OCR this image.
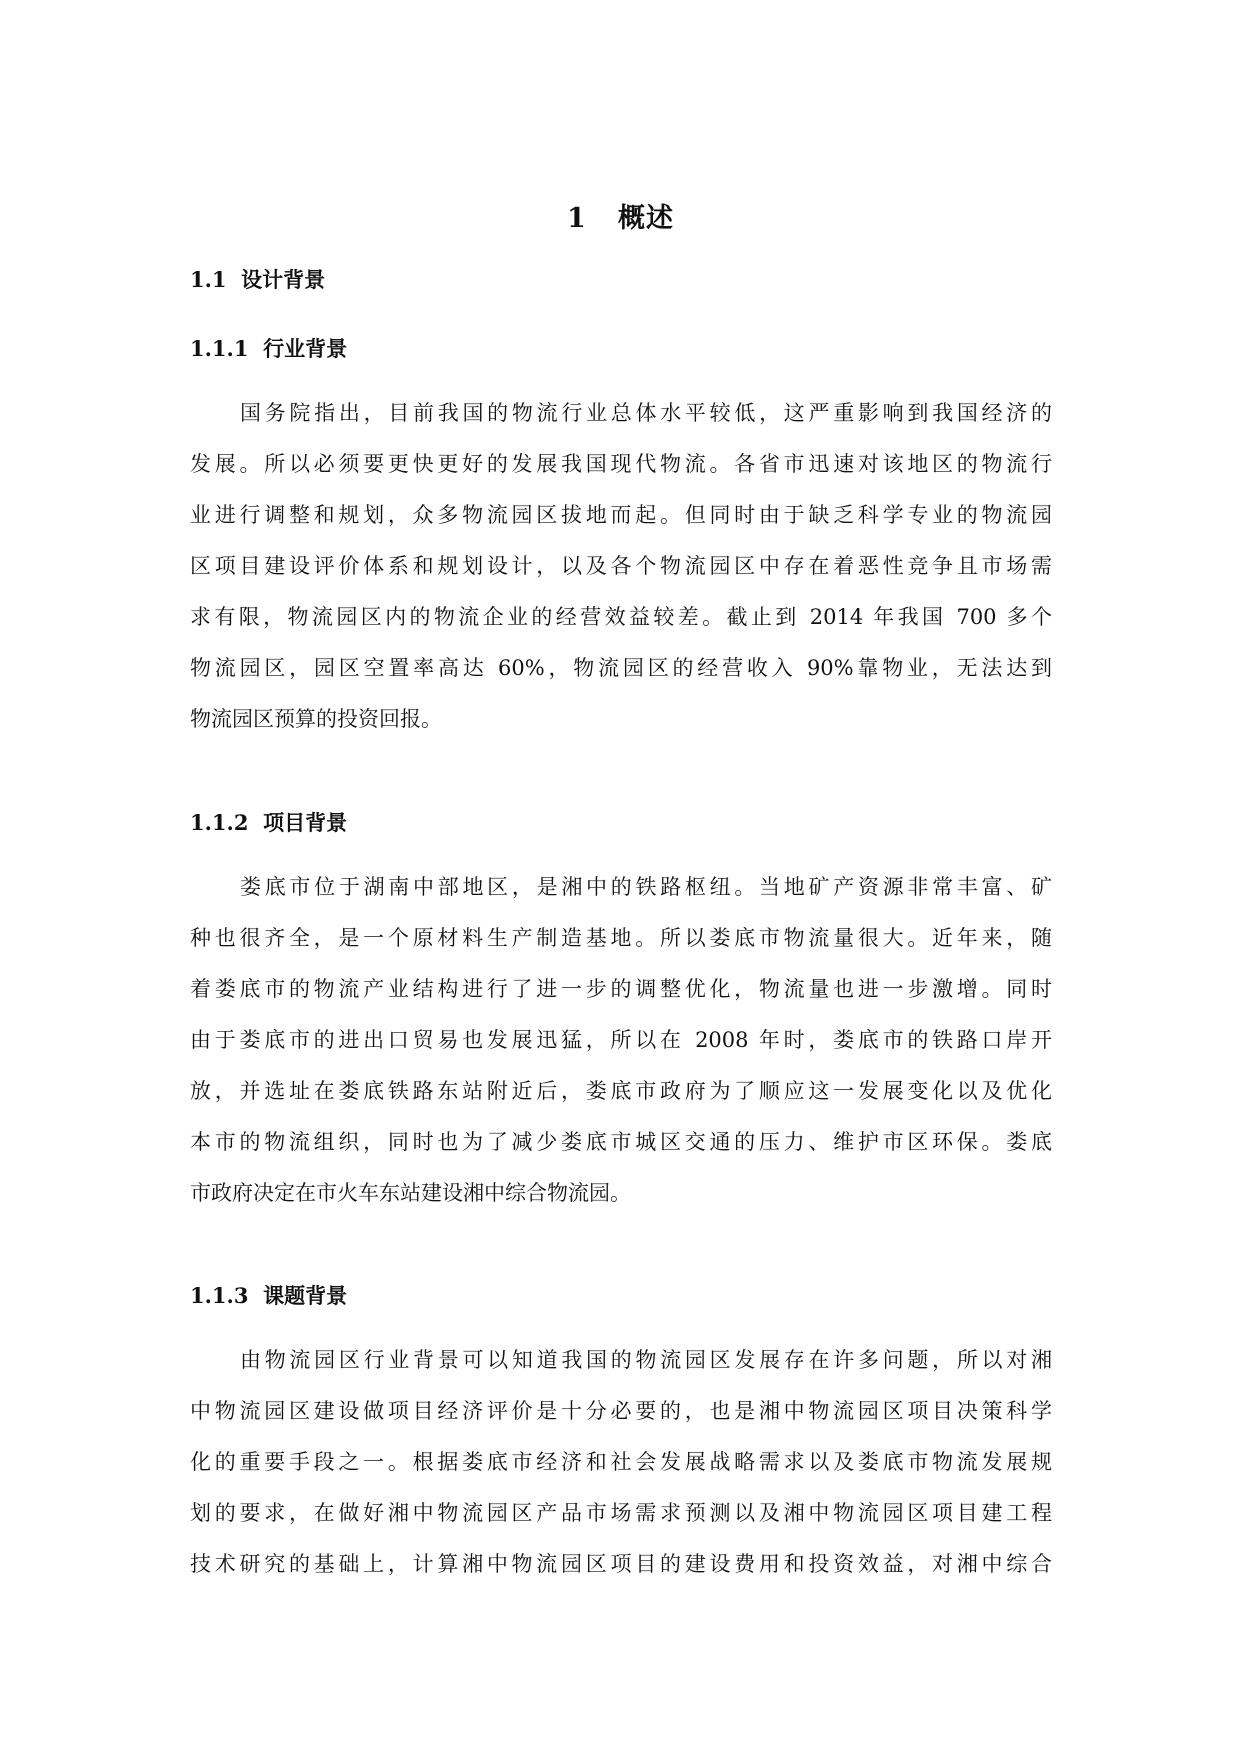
1   概述
1.1  设计背景
1.1.1  行业背景
国务院指出，目前我国的物流行业总体水平较低，这严重影响到我国经济的
发展。所以必须要更快更好的发展我国现代物流。各省市迅速对该地区的物流行
业进行调整和规划，众多物流园区拔地而起。但同时由于缺乏科学专业的物流园
区项目建设评价体系和规划设计，以及各个物流园区中存在着恶性竞争且市场需
求有限，物流园区内的物流企业的经营效益较差。截止到 2014 年我国 700 多个
物流园区，园区空置率高达 60%，物流园区的经营收入 90%靠物业，无法达到
物流园区预算的投资回报。
1.1.2  项目背景
娄底市位于湖南中部地区，是湘中的铁路枢纽。当地矿产资源非常丰富、矿
种也很齐全，是一个原材料生产制造基地。所以娄底市物流量很大。近年来，随
着娄底市的物流产业结构进行了进一步的调整优化，物流量也进一步激增。同时
由于娄底市的进出口贸易也发展迅猛，所以在 2008 年时，娄底市的铁路口岸开
放，并选址在娄底铁路东站附近后，娄底市政府为了顺应这一发展变化以及优化
本市的物流组织，同时也为了减少娄底市城区交通的压力、维护市区环保。娄底
市政府决定在市火车东站建设湘中综合物流园。
1.1.3  课题背景
由物流园区行业背景可以知道我国的物流园区发展存在许多问题，所以对湘
中物流园区建设做项目经济评价是十分必要的，也是湘中物流园区项目决策科学
化的重要手段之一。根据娄底市经济和社会发展战略需求以及娄底市物流发展规
划的要求，在做好湘中物流园区产品市场需求预测以及湘中物流园区项目建工程
技术研究的基础上，计算湘中物流园区项目的建设费用和投资效益，对湘中综合
